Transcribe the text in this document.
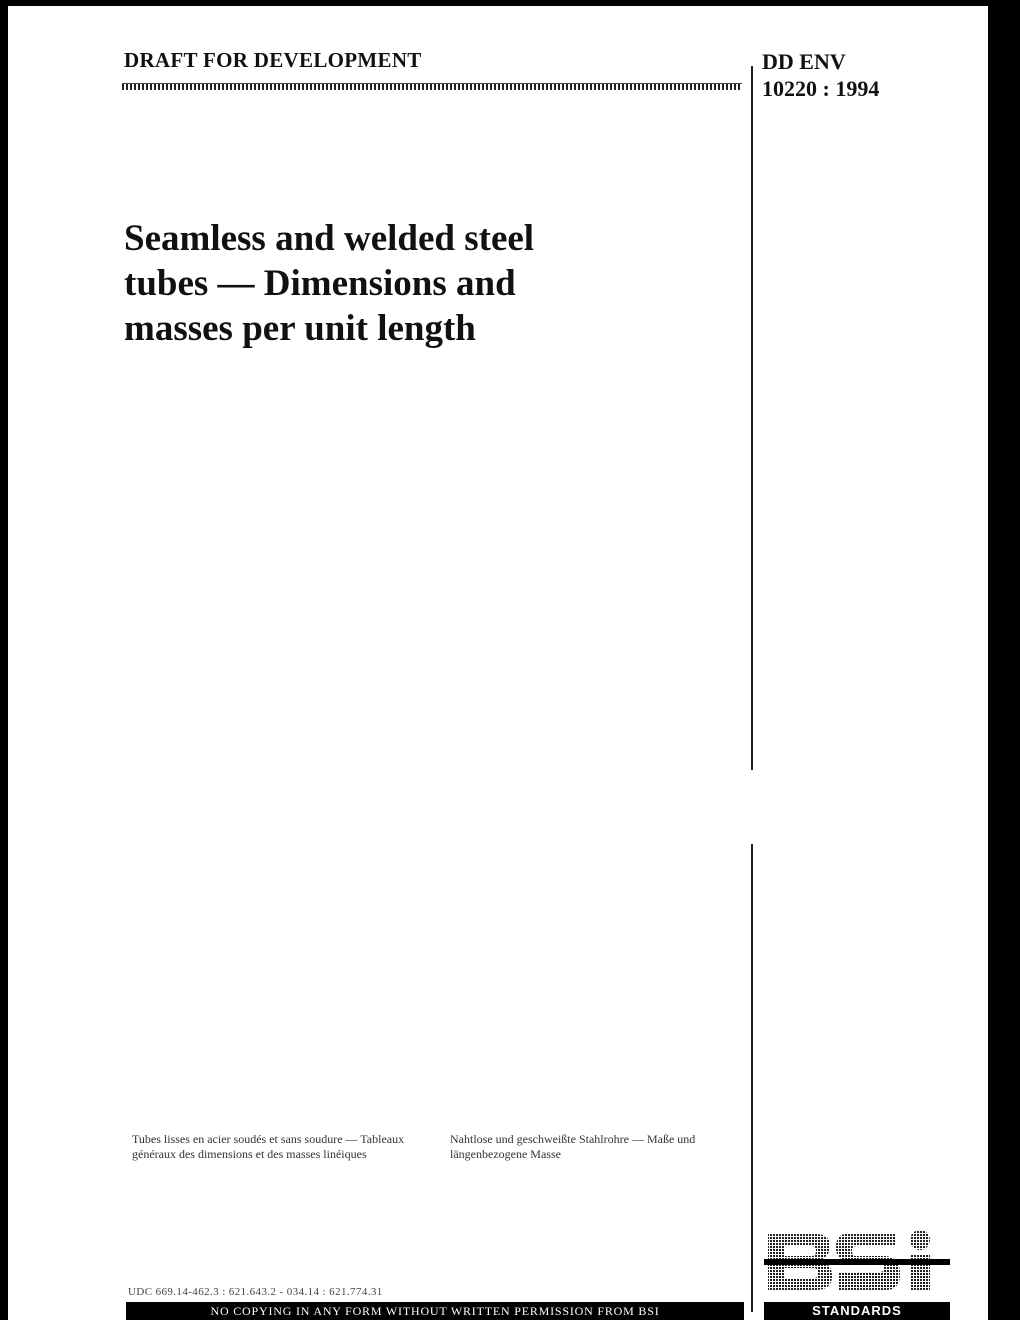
DRAFT FOR DEVELOPMENT	DD ENV
10220 : 1994
Seamless and welded steel
tubes — Dimensions and
masses per unit length
Tubes lisses en acier soudés et sans soudure — Tableaux généraux des dimensions et des masses linéiques
Nahtlose und geschweißte Stahlrohre — Maße und längenbezogene Masse
UDC 669.14-462.3 : 621.643.2 - 034.14 : 621.774.31
NO COPYING IN ANY FORM WITHOUT WRITTEN PERMISSION FROM BSI	STANDARDS
